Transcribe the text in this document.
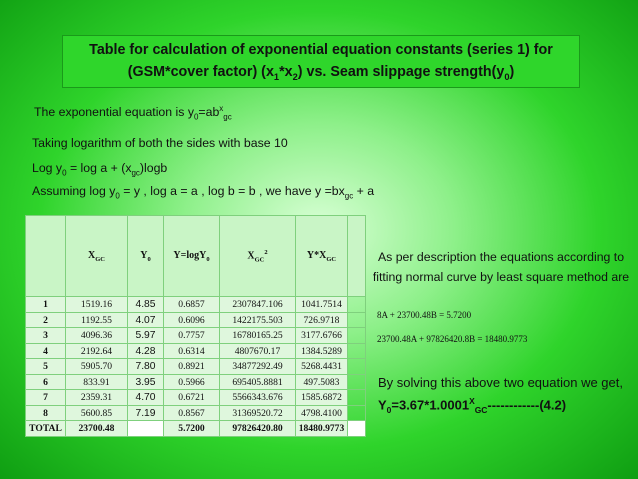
Table for calculation of exponential equation constants (series 1) for
(GSM*cover factor) $(x_1*x_2)$ vs. Seam slippage $strength(y_0)$
The exponential equation is $y_0=ab^x_{gc}$
Taking logarithm of both the sides with base 10
Log $y_0 = \log a + (x_{gc})\log b$
Assuming $\log y_0 = y$ , log a = a , log b = b , we have $y =bx_{gc} + a$
	$X_{GC}$	$Y_0$	Y=logY$_0$	$X_{GC}^2$	$Y*X_{GC}$	
1	1519.16	4.85	0.6857	2307847.106	1041.7514	
2	1192.55	4.07	0.6096	1422175.503	726.9718	
3	4096.36	5.97	0.7757	16780165.25	3177.6766	
4	2192.64	4.28	0.6314	4807670.17	1384.5289	
5	5905.70	7.80	0.8921	34877292.49	5268.4431	
6	833.91	3.95	0.5966	695405.8881	497.5083	
7	2359.31	4.70	0.6721	5566343.676	1585.6872	
8	5600.85	7.19	0.8567	31369520.72	4798.4100	
TOTAL	23700.48		5.7200	97826420.80	18480.9773	
As per description the equations according to fitting normal curve by least square method are
8A + 23700.48B = 5.7200
23700.48A + 97826420.8B = 18480.9773
By solving this above two equation we get,
$Y_0=3.67*1.0001^X_{GC}------------(4.2)$
